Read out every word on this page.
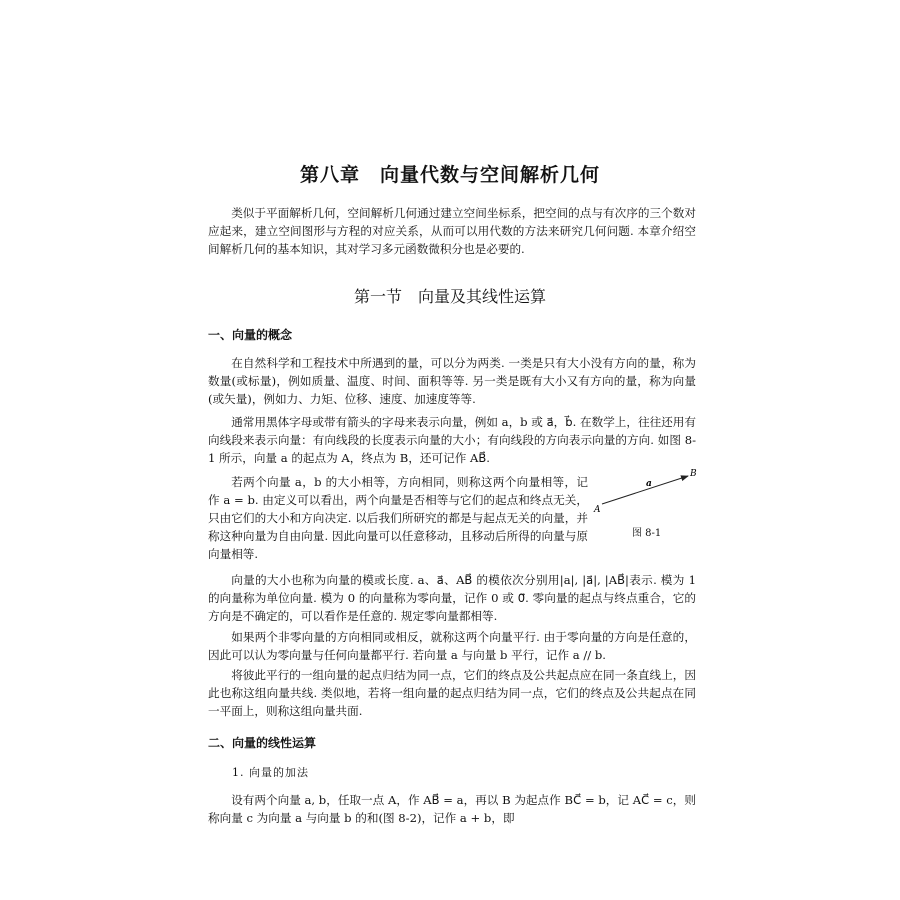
第八章　向量代数与空间解析几何

类似于平面解析几何，空间解析几何通过建立空间坐标系，把空间的点与有次序的三个数对应起来，建立空间图形与方程的对应关系，从而可以用代数的方法来研究几何问题. 本章介绍空间解析几何的基本知识，其对学习多元函数微积分也是必要的.

第一节　向量及其线性运算
一、向量的概念

在自然科学和工程技术中所遇到的量，可以分为两类. 一类是只有大小没有方向的量，称为数量(或标量)，例如质量、温度、时间、面积等等. 另一类是既有大小又有方向的量，称为向量(或矢量)，例如力、力矩、位移、速度、加速度等等.

通常用黑体字母或带有箭头的字母来表示向量，例如 a，b 或 a⃗，b⃗. 在数学上，往往还用有向线段来表示向量：有向线段的长度表示向量的大小；有向线段的方向表示向量的方向. 如图 8-1 所示，向量 a 的起点为 A，终点为 B，还可记作 AB⃗.

若两个向量 a，b 的大小相等，方向相同，则称这两个向量相等，记作 a = b. 由定义可以看出，两个向量是否相等与它们的起点和终点无关，只由它们的大小和方向决定. 以后我们所研究的都是与起点无关的向量，并称这种向量为自由向量. 因此向量可以任意移动，且移动后所得的向量与原向量相等.

A
B
a
图 8-1

向量的大小也称为向量的模或长度. a、a⃗、AB⃗ 的模依次分别用|a|, |a⃗|, |AB⃗|表示. 模为 1 的向量称为单位向量. 模为 0 的向量称为零向量，记作 0 或 0⃗. 零向量的起点与终点重合，它的方向是不确定的，可以看作是任意的. 规定零向量都相等.

如果两个非零向量的方向相同或相反，就称这两个向量平行. 由于零向量的方向是任意的，因此可以认为零向量与任何向量都平行. 若向量 a 与向量 b 平行，记作 a // b.

将彼此平行的一组向量的起点归结为同一点，它们的终点及公共起点应在同一条直线上，因此也称这组向量共线. 类似地，若将一组向量的起点归结为同一点，它们的终点及公共起点在同一平面上，则称这组向量共面.

二、向量的线性运算
1. 向量的加法

设有两个向量 a, b，任取一点 A，作 AB⃗ = a，再以 B 为起点作 BC⃗ = b，记 AC⃗ = c，则称向量 c 为向量 a 与向量 b 的和(图 8-2)，记作 a + b，即
